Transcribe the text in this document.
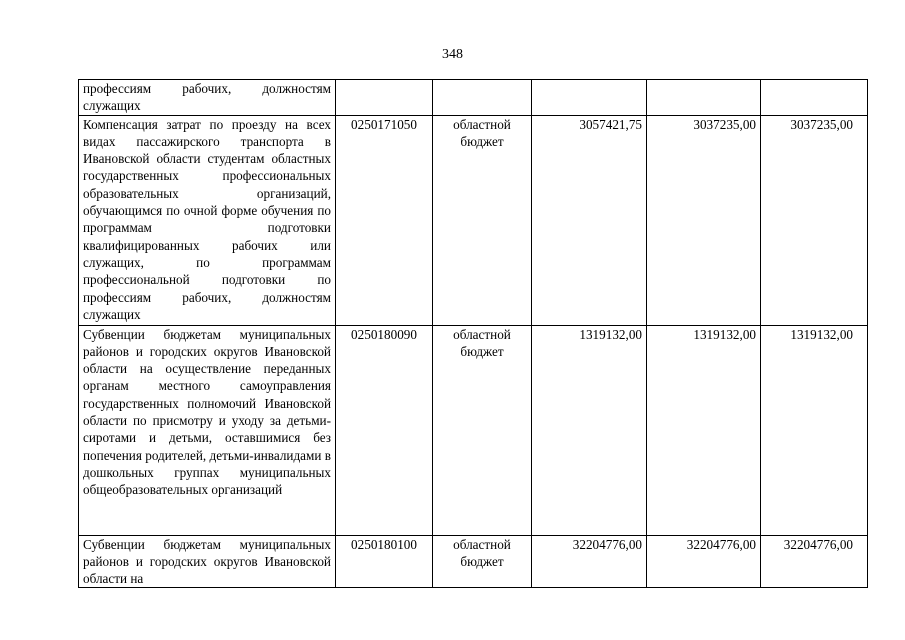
348
профессиям рабочих, должностям служащих					
Компенсация затрат по проезду на всех видах пассажирского транспорта в Ивановской области студентам областных государственных профессиональных образовательных организаций, обучающимся по очной форме обучения по программам подготовки квалифицированных рабочих или служащих, по программам профессиональной подготовки по профессиям рабочих, должностям служащих	0250171050	областной бюджет	3057421,75	3037235,00	3037235,00
Субвенции бюджетам муниципальных районов и городских округов Ивановской области на осуществление переданных органам местного самоуправления государственных полномочий Ивановской области по присмотру и уходу за детьми-сиротами и детьми, оставшимися без попечения родителей, детьми-инвалидами в дошкольных группах муниципальных общеобразовательных организаций	0250180090	областной бюджет	1319132,00	1319132,00	1319132,00
Субвенции бюджетам муниципальных районов и городских округов Ивановской области на	0250180100	областной бюджет	32204776,00	32204776,00	32204776,00
